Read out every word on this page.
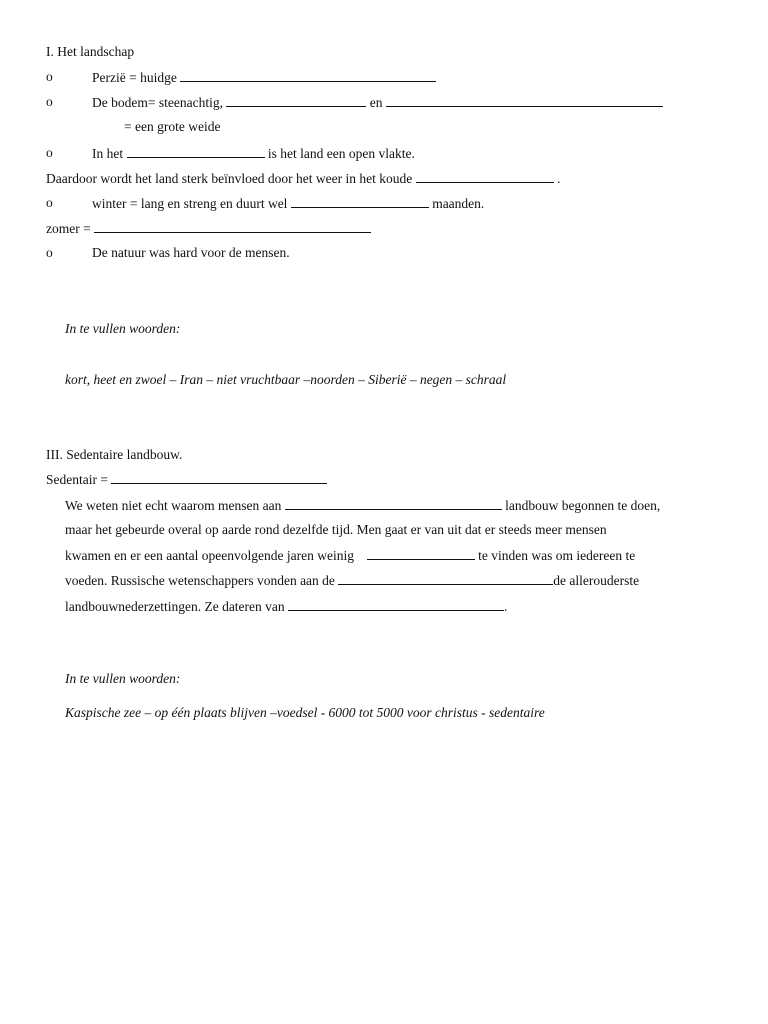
I. Het landschap
o	Perzië = huidge
o	De bodem= steenachtig,	en
= een grote weide
o	In het	is het land een open vlakte.
Daardoor wordt het land sterk beïnvloed door het weer in het koude	.
o	winter = lang en streng en duurt wel	maanden.
zomer =
o	De natuur was hard voor de mensen.
In te vullen woorden:
kort, heet en zwoel – Iran – niet vruchtbaar –noorden – Siberië – negen – schraal
III. Sedentaire landbouw.
Sedentair =
We weten niet echt waarom mensen aan	landbouw begonnen te doen,
maar het gebeurde overal op aarde rond dezelfde tijd. Men gaat er van uit dat er steeds meer mensen
kwamen en er een aantal opeenvolgende jaren weinig	te vinden was om iedereen te
voeden. Russische wetenschappers vonden aan de	de allerouderste
landbouwnederzettingen. Ze dateren van	.
In te vullen woorden:
Kaspische zee – op één plaats blijven –voedsel - 6000 tot 5000 voor christus - sedentaire
